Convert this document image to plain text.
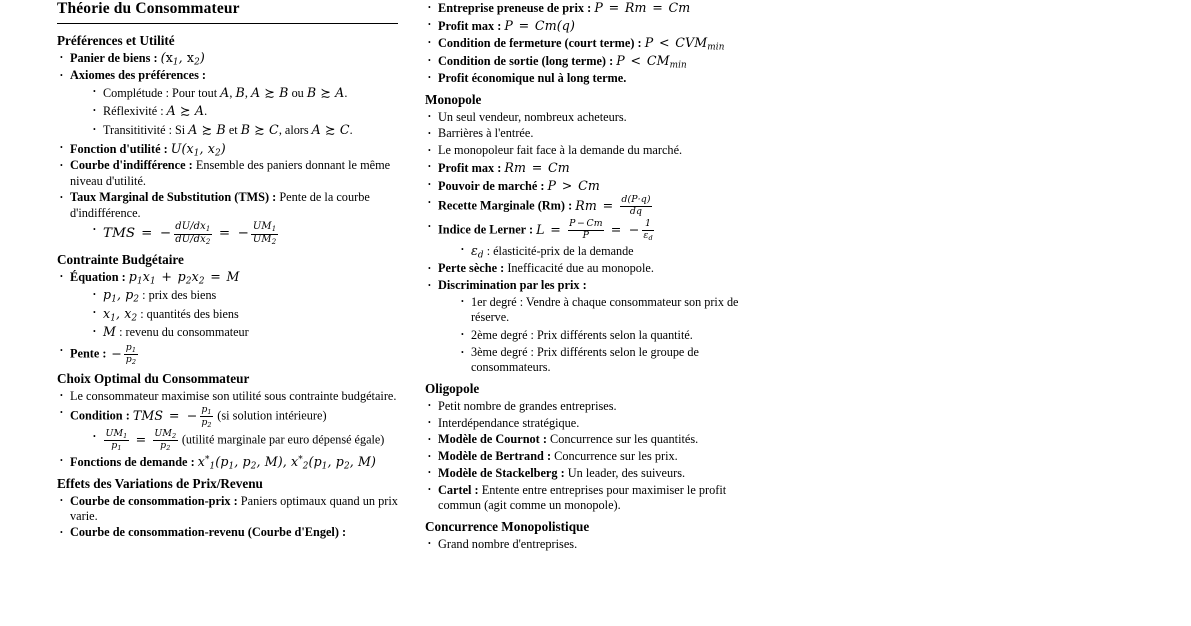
Théorie du Consommateur
Préférences et Utilité
• Panier de biens : ($x_1$, $x_2$)
• Axiomes des préférences :
• Complétude : Pour tout A, B, A ≿ B ou B ≿ A.
• Réflexivité : A ≿ A.
• Transititivité : Si A ≿ B et B ≿ C, alors A ≿ C.
• Fonction d'utilité : $U(x_1$, $x_2$)
• Courbe d'indifférence : Ensemble des paniers donnant le même niveau d'utilité.
• Taux Marginal de Substitution (TMS) : Pente de la courbe d'indifférence.
• TMS = − $\frac{dU/dx_1}{dU/dx_2}$ = − $\frac{UM_1}{UM_2}$
Contrainte Budgétaire
• Équation : $p_1x_1 + p_2x_2 = M$
• $p_1$, $p_2$ : prix des biens
• $x_1$, $x_2$ : quantités des biens
• M : revenu du consommateur
• Pente : − $\frac{p_1}{p_2}$
Choix Optimal du Consommateur
• Le consommateur maximise son utilité sous contrainte budgétaire.
• Condition : TMS = − $\frac{p_1}{p_2} (si$ solution intérieure)
• $\frac{UM_1}{p_1} = \frac{UM_2}{p_2}$ (utilité marginale par euro dépensé égale)
• Fonctions de demande : $x^*_1(p_1$, $p_2$, M), $x^*_2(p_1$, $p_2$, M)
Effets des Variations de Prix/Revenu
• Courbe de consommation-prix : Paniers optimaux quand un prix varie.
• Courbe de consommation-revenu (Courbe d'Engel) :
• Entreprise preneuse de prix : P = Rm = Cm
• Profit max : P = Cm(q)
• Condition de fermeture (court terme) : $P < CVM_{min}$
• Condition de sortie (long terme) : $P < CM_{min}$
• Profit économique nul à long terme.
Monopole
• Un seul vendeur, nombreux acheteurs.
• Barrières à l'entrée.
• Le monopoleur fait face à la demande du marché.
• Profit max : Rm = Cm
• Pouvoir de marché : P > Cm
• Recette Marginale (Rm) : $Rm = \frac{d(P\cdot q)}{dq}$
• Indice de Lerner : $L = \frac{P - Cm}{P}$ = − $\frac{1}{\varepsilon_d}$
• $\varepsilon_d$ : élasticité-prix de la demande
• Perte sèche : Inefficacité due au monopole.
• Discrimination par les prix :
• 1er degré : Vendre à chaque consommateur son prix de réserve.
• 2ème degré : Prix différents selon la quantité.
• 3ème degré : Prix différents selon le groupe de consommateurs.
Oligopole
• Petit nombre de grandes entreprises.
• Interdépendance stratégique.
• Modèle de Cournot : Concurrence sur les quantités.
• Modèle de Bertrand : Concurrence sur les prix.
• Modèle de Stackelberg : Un leader, des suiveurs.
• Cartel : Entente entre entreprises pour maximiser le profit commun (agit comme un monopole).
Concurrence Monopolistique
• Grand nombre d'entreprises.
